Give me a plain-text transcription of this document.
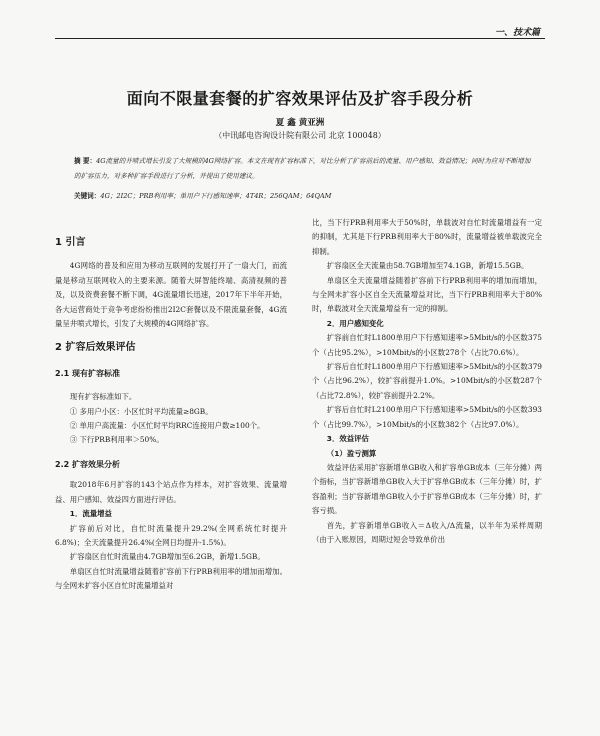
一、技术篇
面向不限量套餐的扩容效果评估及扩容手段分析
夏 鑫 黄亚洲
（中讯邮电咨询设计院有限公司 北京 100048）
摘 要：4G流量的井喷式增长引发了大规模的4G网络扩容。本文在现有扩容标准下，对比分析了扩容前后的流量、用户感知、效益情况；同时为应对不断增加的扩容压力，对多种扩容手段进行了分析，并提出了使用建议。
关键词：4G；2I2C；PRB利用率；单用户下行感知速率；4T4R；256QAM；64QAM
1 引言

4G网络的普及和应用为移动互联网的发展打开了一扇大门，而流量是移动互联网收入的主要来源。随着大屏智能终端、高清视频的普及，以及资费套餐不断下调，4G流量增长迅速，2017年下半年开始，各大运营商处于竞争考虑纷纷推出2I2C套餐以及不限流量套餐，4G流量呈井喷式增长，引发了大规模的4G网络扩容。

2 扩容后效果评估
2.1 现有扩容标准

现有扩容标准如下。

① 多用户小区：小区忙时平均流量≥8GB。

② 单用户高流量：小区忙时平均RRC连接用户数≥100个。

③ 下行PRB利用率＞50%。

2.2 扩容效果分析

取2018年6月扩容的143个站点作为样本，对扩容效果、流量增益、用户感知、效益四方面进行评估。

1．流量增益

扩容前后对比，自忙时流量提升29.2%(全网系统忙时提升6.8%)；全天流量提升26.4%(全网日均提升-1.5%)。

扩容扇区自忙时流量由4.7GB增加至6.2GB，新增1.5GB。

单扇区自忙时流量增益随着扩容前下行PRB利用率的增加而增加。与全网未扩容小区自忙时流量增益对

比，当下行PRB利用率大于50%时，单载波对自忙时流量增益有一定的抑制，尤其是下行PRB利用率大于80%时，流量增益被单载波完全抑制。

扩容扇区全天流量由58.7GB增加至74.1GB，新增15.5GB。

单扇区全天流量增益随着扩容前下行PRB利用率的增加而增加，与全网未扩容小区自全天流量增益对比，当下行PRB利用率大于80%时，单载波对全天流量增益有一定的抑制。

2．用户感知变化

扩容前自忙时L1800单用户下行感知速率>5Mbit/s的小区数375个（占比95.2%），>10Mbit/s的小区数278个（占比70.6%）。

扩容后自忙时L1800单用户下行感知速率>5Mbit/s的小区数379个（占比96.2%），较扩容前提升1.0%。>10Mbit/s的小区数287个（占比72.8%），较扩容前提升2.2%。

扩容后自忙时L2100单用户下行感知速率>5Mbit/s的小区数393个（占比99.7%），>10Mbit/s的小区数382个（占比97.0%）。

3．效益评估
（1）盈亏测算

效益评估采用扩容新增单GB收入和扩容单GB成本（三年分摊）两个指标，当扩容新增单GB收入大于扩容单GB成本（三年分摊）时，扩容盈利；当扩容新增单GB收入小于扩容单GB成本（三年分摊）时，扩容亏损。

首先，扩容新增单GB收入＝Δ收入/Δ流量，以半年为采样周期（由于入账原因，周期过短会导致单价出
